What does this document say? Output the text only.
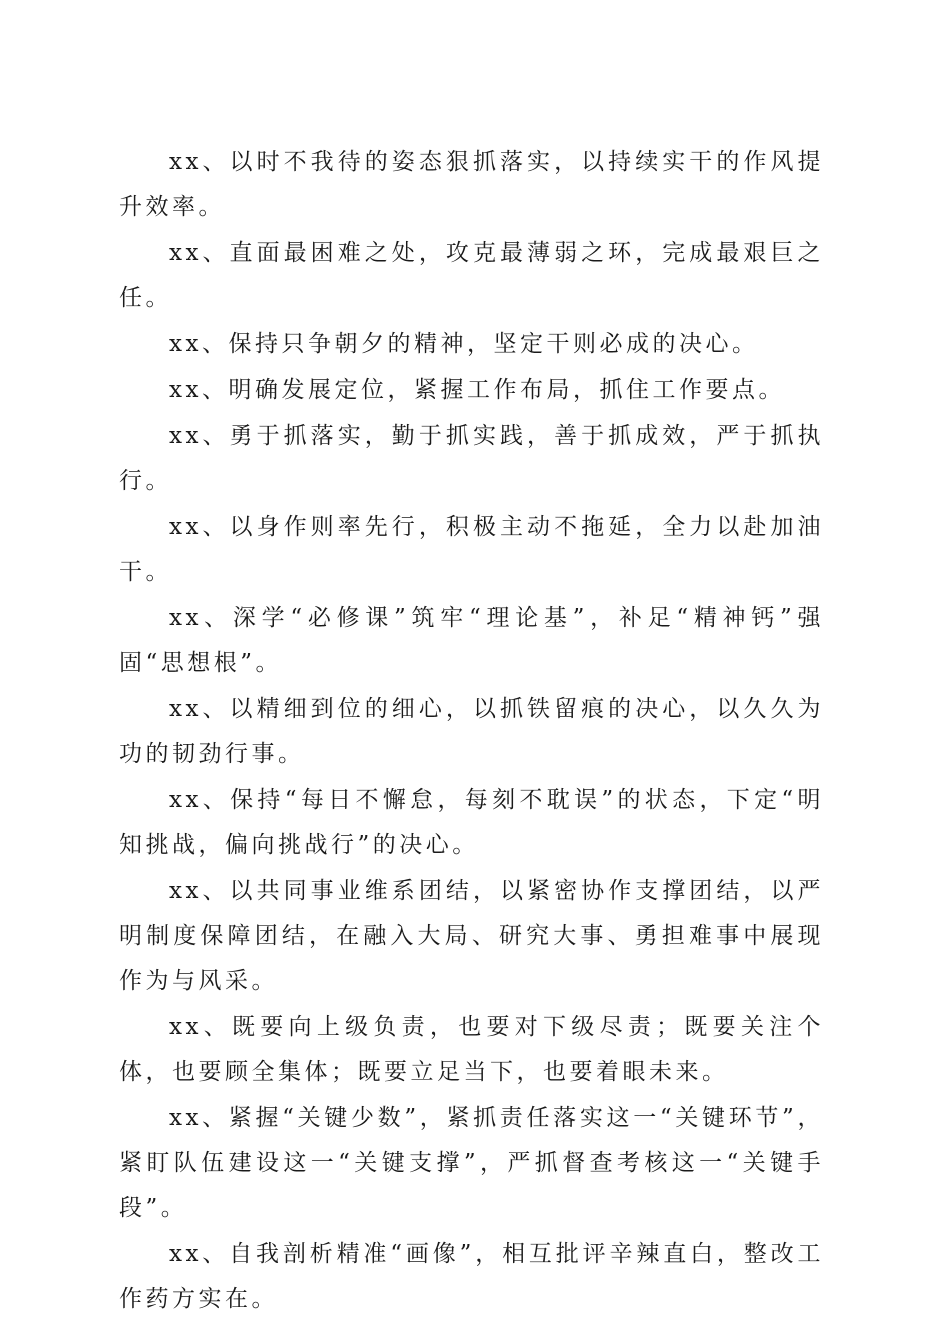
xx、以时不我待的姿态狠抓落实，以持续实干的作风提升效率。

xx、直面最困难之处，攻克最薄弱之环，完成最艰巨之任。

xx、保持只争朝夕的精神，坚定干则必成的决心。

xx、明确发展定位，紧握工作布局，抓住工作要点。

xx、勇于抓落实，勤于抓实践，善于抓成效，严于抓执行。

xx、以身作则率先行，积极主动不拖延，全力以赴加油干。

xx、深学“必修课”筑牢“理论基”，补足“精神钙”强固“思想根”。

xx、以精细到位的细心，以抓铁留痕的决心，以久久为功的韧劲行事。

xx、保持“每日不懈怠，每刻不耽误”的状态，下定“明知挑战，偏向挑战行”的决心。

xx、以共同事业维系团结，以紧密协作支撑团结，以严明制度保障团结，在融入大局、研究大事、勇担难事中展现作为与风采。

xx、既要向上级负责，也要对下级尽责；既要关注个体，也要顾全集体；既要立足当下，也要着眼未来。

xx、紧握“关键少数”，紧抓责任落实这一“关键环节”，紧盯队伍建设这一“关键支撑”，严抓督查考核这一“关键手段”。

xx、自我剖析精准“画像”，相互批评辛辣直白，整改工作药方实在。
